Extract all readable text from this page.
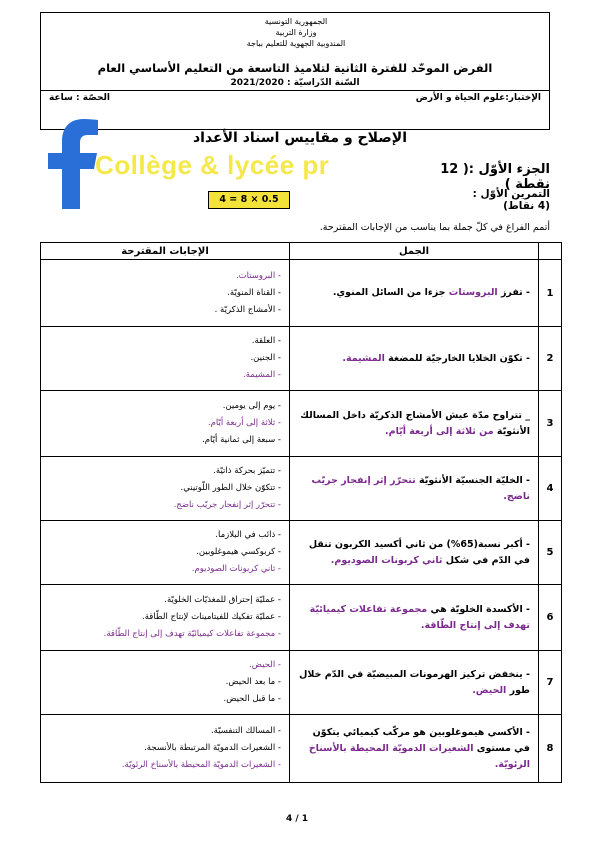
الجمهورية التونسية
وزارة التربية
المندوبية الجهوية للتعليم بباجة
الفرض الموحّد للفترة الثانية لتلاميذ التاسعة من التعليم الأساسي العام
السّنة الدّراسيّة : 2021/2020
الإختبار:علوم الحياة و الأرض
الحصّة : ساعة
الإصلاح و مقاييس اسناد الأعداد
Collège & lycée pr	الجزء الأوّل :( 12 نقطة )
التمرين الأوّل :(4 نقاط)
4 = 8 × 0.5
أتمم الفراغ في كلّ جملة بما يناسب من الإجابات المقترحة.
	الجمل	الإجابات المقترحة
1	- تفرز البروستات جزءا من السائل المنوي.	- البروستات.
- القناة المنويّة.
- الأمشاج الذكريّة .

2	- تكوّن الخلايا الخارجيّة للمضغة المشيمة.	- العلقة.
- الجنين.
- المشيمة.

3	_ تتراوح مدّة عيش الأمشاج الذكريّة داخل المسالك الأنثويّة من ثلاثة إلى أربعة أيّام.	- يوم إلى يومين.
- ثلاثة إلى أربعة أيّام.
- سبعة إلى ثمانية أيّام.

4	- الخليّة الجنسيّة الأنثويّة تتحرّر إثر إنفجار جريّب ناضج.	- تتميّز بحركة ذاتيّة.
- تتكوّن خلال الطور اللّوتيني.
- تتحرّر إثر إنفجار جريّب ناضج.

5	- أكبر نسبة(65%) من ثاني أكسيد الكربون تنقل في الدّم في شكل ثاني كربونات الصوديوم.	- ذائب في البلازما.
- كربوكسي هيموغلوبين.
- ثاني كربونات الصوديوم.

6	- الأكسدة الخلويّة هي مجموعة تفاعلات كيميائيّة تهدف إلى إنتاج الطّاقة.	- عمليّة إحتراق للمغذيّات الخلويّة.
- عمليّة تفكيك للفيتامينات لإنتاج الطّاقة.
- مجموعة تفاعلات كيميائيّة تهدف إلى إنتاج الطّاقة.

7	- ينخفض تركيز الهرمونات المبيضيّة في الدّم خلال طور الحيض.	- الحيض.
- ما بعد الحيض.
- ما قبل الحيض.

8	- الأكسي هيموغلوبين هو مركّب كيميائي يتكوّن في مستوى الشعيرات الدمويّة المحيطة بالأسناخ الرئويّة.	- المسالك التنفسيّة.
- الشعيرات الدمويّة المرتبطة بالأنسجة.
- الشعيرات الدمويّة المحيطة بالأسناخ الرئويّة.
4 / 1
